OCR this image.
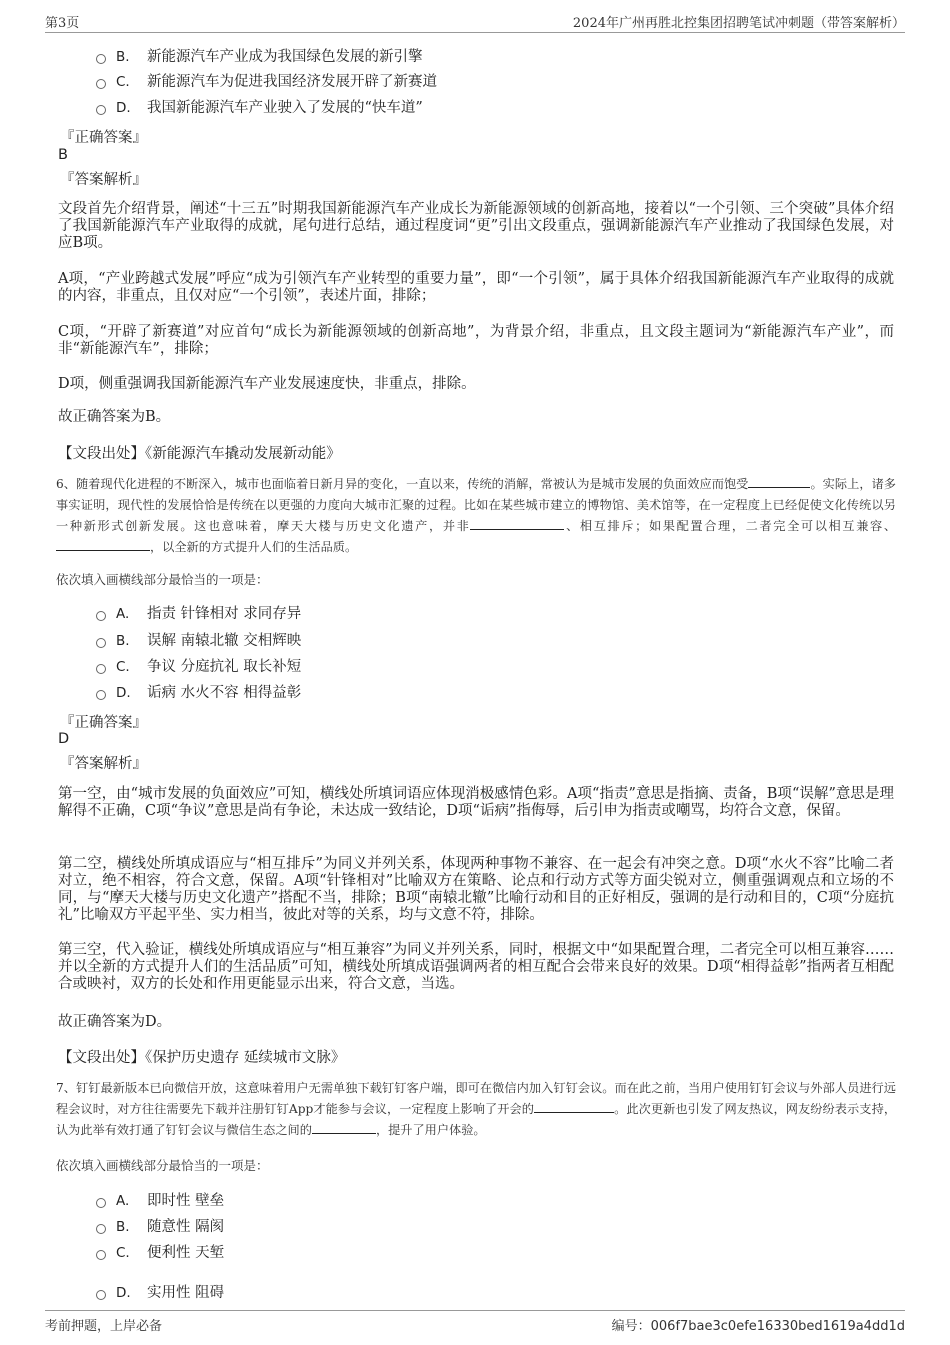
第3页	2024年广州再胜北控集团招聘笔试冲刺题（带答案解析）
B. 新能源汽车产业成为我国绿色发展的新引擎
C. 新能源汽车为促进我国经济发展开辟了新赛道
D. 我国新能源汽车产业驶入了发展的“快车道”
『正确答案』
B
『答案解析』

文段首先介绍背景，阐述“十三五”时期我国新能源汽车产业成长为新能源领域的创新高地，接着以“一个引领、三个突破”具体介绍了我国新能源汽车产业取得的成就，尾句进行总结，通过程度词“更”引出文段重点，强调新能源汽车产业推动了我国绿色发展，对应B项。

A项，“产业跨越式发展”呼应“成为引领汽车产业转型的重要力量”，即“一个引领”，属于具体介绍我国新能源汽车产业取得的成就的内容，非重点，且仅对应“一个引领”，表述片面，排除；

C项，“开辟了新赛道”对应首句“成长为新能源领域的创新高地”，为背景介绍，非重点，且文段主题词为“新能源汽车产业”，而非“新能源汽车”，排除；

D项，侧重强调我国新能源汽车产业发展速度快，非重点，排除。

故正确答案为B。

【文段出处】《新能源汽车撬动发展新动能》

6、随着现代化进程的不断深入，城市也面临着日新月异的变化，一直以来，传统的消解，常被认为是城市发展的负面效应而饱受	。实际上，诸多事实证明，现代性的发展恰恰是传统在以更强的力度向大城市汇聚的过程。比如在某些城市建立的博物馆、美术馆等，在一定程度上已经促使文化传统以另一种新形式创新发展。这也意味着，摩天大楼与历史文化遗产，并非	、相互排斥；如果配置合理，二者完全可以相互兼容、，以全新的方式提升人们的生活品质。

依次填入画横线部分最恰当的一项是：
A. 指责 针锋相对 求同存异
B. 误解 南辕北辙 交相辉映
C. 争议 分庭抗礼 取长补短
D. 诟病 水火不容 相得益彰
『正确答案』
D
『答案解析』

第一空，由“城市发展的负面效应”可知，横线处所填词语应体现消极感情色彩。A项“指责”意思是指摘、责备，B项“误解”意思是理解得不正确，C项“争议”意思是尚有争论，未达成一致结论，D项“诟病”指侮辱，后引申为指责或嘲骂，均符合文意，保留。

第二空，横线处所填成语应与“相互排斥”为同义并列关系，体现两种事物不兼容、在一起会有冲突之意。D项“水火不容”比喻二者对立，绝不相容，符合文意，保留。A项“针锋相对”比喻双方在策略、论点和行动方式等方面尖锐对立，侧重强调观点和立场的不同，与“摩天大楼与历史文化遗产”搭配不当，排除；B项“南辕北辙”比喻行动和目的正好相反，强调的是行动和目的，C项“分庭抗礼”比喻双方平起平坐、实力相当，彼此对等的关系，均与文意不符，排除。

第三空，代入验证，横线处所填成语应与“相互兼容”为同义并列关系，同时，根据文中“如果配置合理，二者完全可以相互兼容……并以全新的方式提升人们的生活品质”可知，横线处所填成语强调两者的相互配合会带来良好的效果。D项“相得益彰”指两者互相配合或映衬，双方的长处和作用更能显示出来，符合文意，当选。

故正确答案为D。

【文段出处】《保护历史遗存 延续城市文脉》

7、钉钉最新版本已向微信开放，这意味着用户无需单独下载钉钉客户端，即可在微信内加入钉钉会议。而在此之前，当用户使用钉钉会议与外部人员进行远程会议时，对方往往需要先下载并注册钉钉App才能参与会议，一定程度上影响了开会的	。此次更新也引发了网友热议，网友纷纷表示支持，认为此举有效打通了钉钉会议与微信生态之间的	，提升了用户体验。

依次填入画横线部分最恰当的一项是：
A. 即时性 壁垒
B. 随意性 隔阂
C. 便利性 天堑
D. 实用性 阻碍
考前押题，上岸必备	编号：006f7bae3c0efe16330bed1619a4dd1d
